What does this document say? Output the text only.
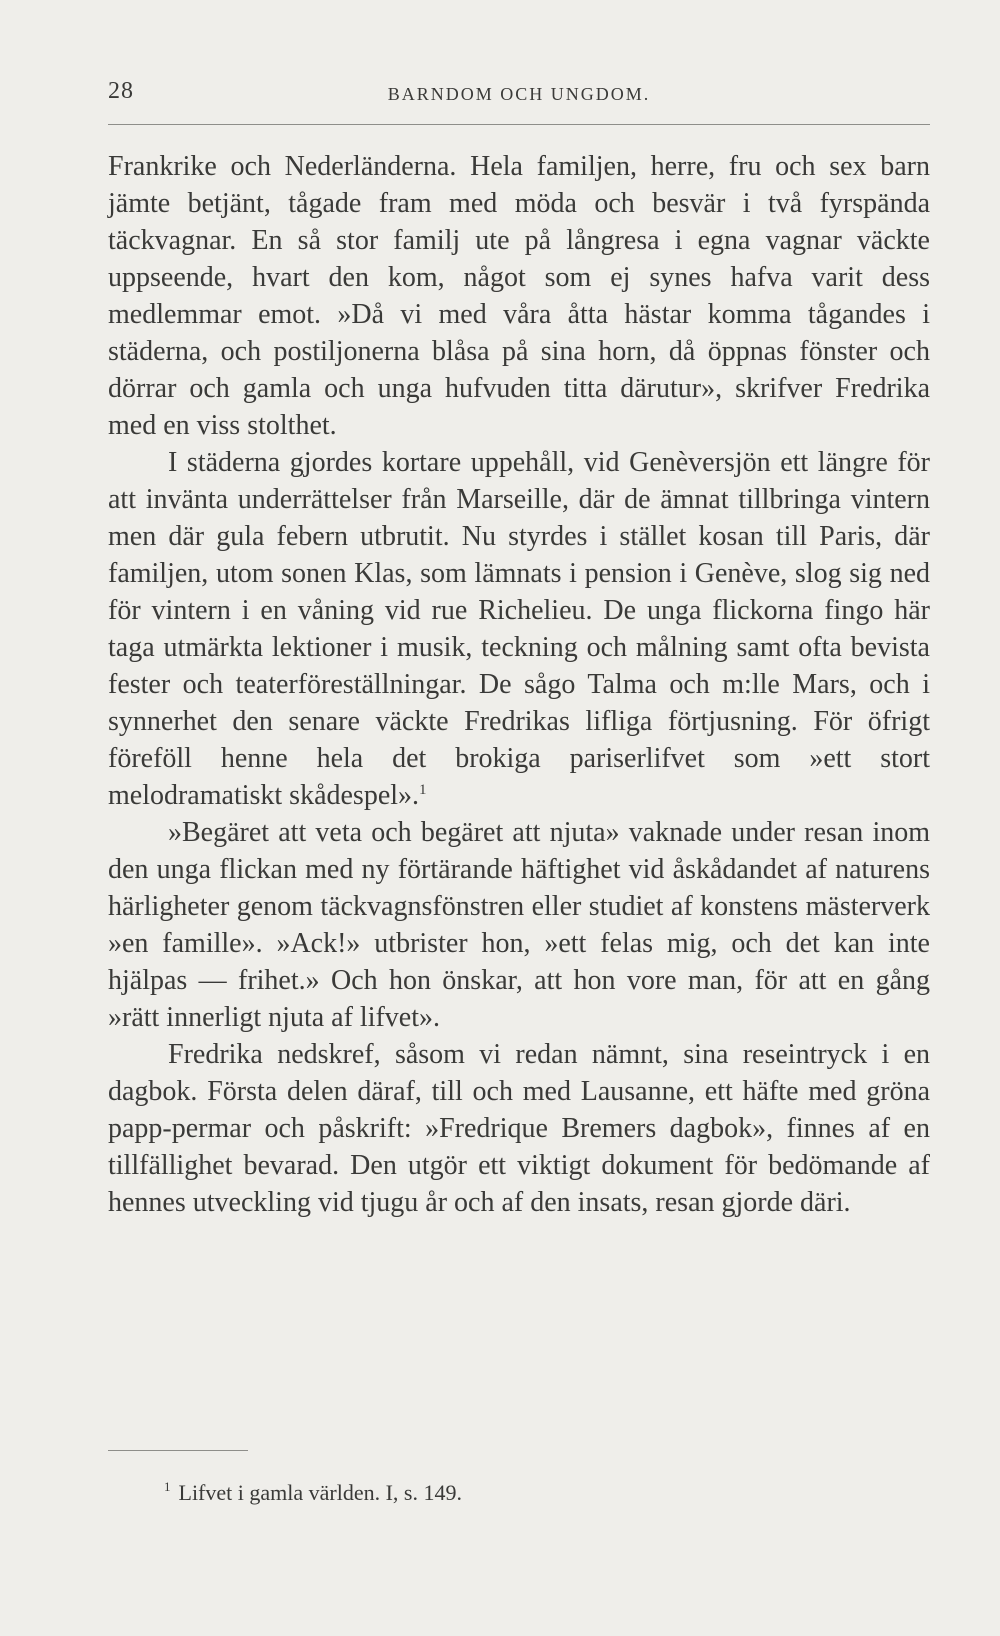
28	BARNDOM OCH UNGDOM.

Frankrike och Nederländerna. Hela familjen, herre, fru och sex barn jämte betjänt, tågade fram med möda och besvär i två fyrspända täckvagnar. En så stor familj ute på långresa i egna vagnar väckte uppseende, hvart den kom, något som ej synes hafva varit dess medlemmar emot. »Då vi med våra åtta hästar komma tågandes i städerna, och postiljonerna blåsa på sina horn, då öppnas fönster och dörrar och gamla och unga hufvuden titta därutur», skrifver Fredrika med en viss stolthet.

I städerna gjordes kortare uppehåll, vid Genèversjön ett längre för att invänta underrättelser från Marseille, där de ämnat tillbringa vintern men där gula febern utbrutit. Nu styrdes i stället kosan till Paris, där familjen, utom sonen Klas, som lämnats i pension i Genève, slog sig ned för vintern i en våning vid rue Richelieu. De unga flickorna fingo här taga utmärkta lektioner i musik, teckning och målning samt ofta bevista fester och teaterföreställningar. De sågo Talma och m:lle Mars, och i synnerhet den senare väckte Fredrikas lifliga förtjusning. För öfrigt föreföll henne hela det brokiga pariserlifvet som »ett stort melodramatiskt skådespel».$^1$

»Begäret att veta och begäret att njuta» vaknade under resan inom den unga flickan med ny förtärande häftighet vid åskådandet af naturens härligheter genom täckvagnsfönstren eller studiet af konstens mästerverk »en famille». »Ack!» utbrister hon, »ett felas mig, och det kan inte hjälpas — frihet.» Och hon önskar, att hon vore man, för att en gång »rätt innerligt njuta af lifvet».

Fredrika nedskref, såsom vi redan nämnt, sina reseintryck i en dagbok. Första delen däraf, till och med Lausanne, ett häfte med gröna papp-permar och påskrift: »Fredrique Bremers dagbok», finnes af en tillfällighet bevarad. Den utgör ett viktigt dokument för bedömande af hennes utveckling vid tjugu år och af den insats, resan gjorde däri.

$^1$ Lifvet i gamla världen. I, s. 149.
